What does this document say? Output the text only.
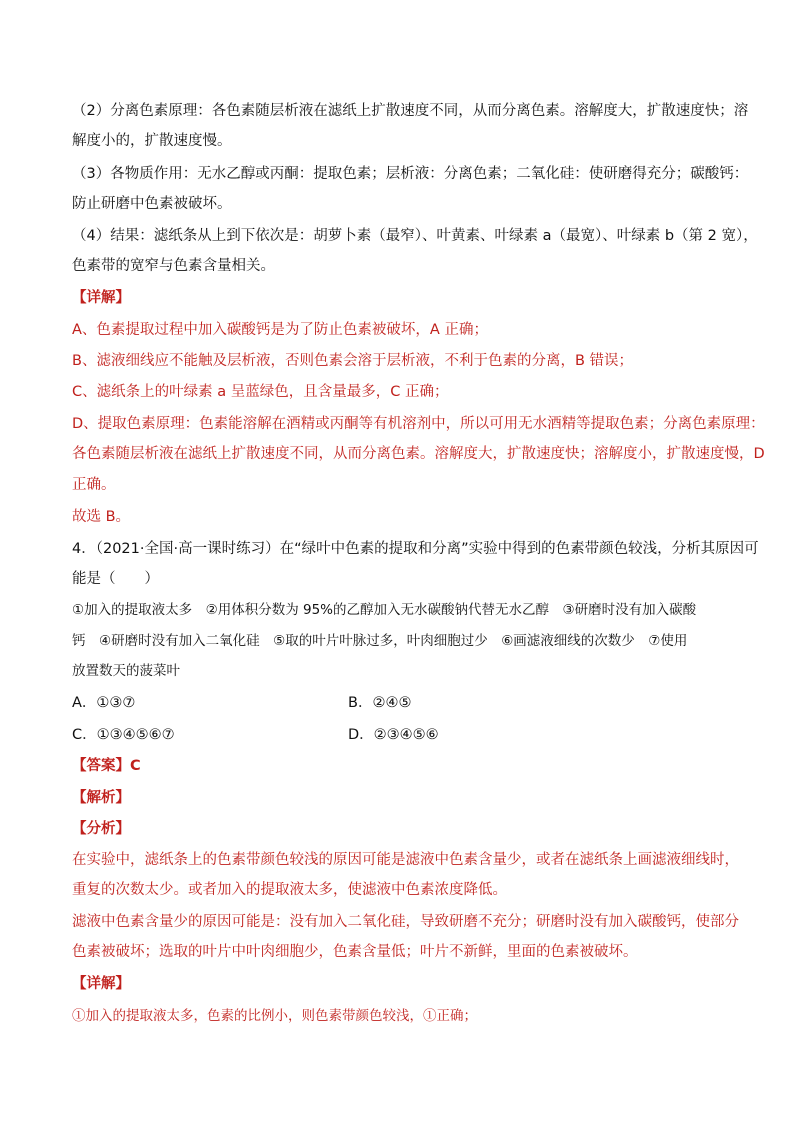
（2）分离色素原理：各色素随层析液在滤纸上扩散速度不同，从而分离色素。溶解度大，扩散速度快；溶
解度小的，扩散速度慢。
（3）各物质作用：无水乙醇或丙酮：提取色素；层析液：分离色素；二氧化硅：使研磨得充分；碳酸钙：
防止研磨中色素被破坏。
（4）结果：滤纸条从上到下依次是：胡萝卜素（最窄）、叶黄素、叶绿素 a（最宽）、叶绿素 b（第 2 宽），
色素带的宽窄与色素含量相关。
【详解】
A、色素提取过程中加入碳酸钙是为了防止色素被破坏，A 正确；
B、滤液细线应不能触及层析液，否则色素会溶于层析液，不利于色素的分离，B 错误；
C、滤纸条上的叶绿素 a 呈蓝绿色，且含量最多，C 正确；
D、提取色素原理：色素能溶解在酒精或丙酮等有机溶剂中，所以可用无水酒精等提取色素；分离色素原理：
各色素随层析液在滤纸上扩散速度不同，从而分离色素。溶解度大，扩散速度快；溶解度小，扩散速度慢，D
正确。
故选 B。
4．（2021·全国·高一课时练习）在“绿叶中色素的提取和分离”实验中得到的色素带颜色较浅，分析其原因可
能是（　　）
①加入的提取液太多　②用体积分数为 95%的乙醇加入无水碳酸钠代替无水乙醇　③研磨时没有加入碳酸
钙　④研磨时没有加入二氧化硅　⑤取的叶片叶脉过多，叶肉细胞过少　⑥画滤液细线的次数少　⑦使用
放置数天的菠菜叶
A．①③⑦	B．②④⑤
C．①③④⑤⑥⑦	D．②③④⑤⑥
【答案】C
【解析】
【分析】
在实验中，滤纸条上的色素带颜色较浅的原因可能是滤液中色素含量少，或者在滤纸条上画滤液细线时，
重复的次数太少。或者加入的提取液太多，使滤液中色素浓度降低。
滤液中色素含量少的原因可能是：没有加入二氧化硅，导致研磨不充分；研磨时没有加入碳酸钙，使部分
色素被破坏；选取的叶片中叶肉细胞少，色素含量低；叶片不新鲜，里面的色素被破坏。
【详解】
①加入的提取液太多，色素的比例小，则色素带颜色较浅，①正确；
